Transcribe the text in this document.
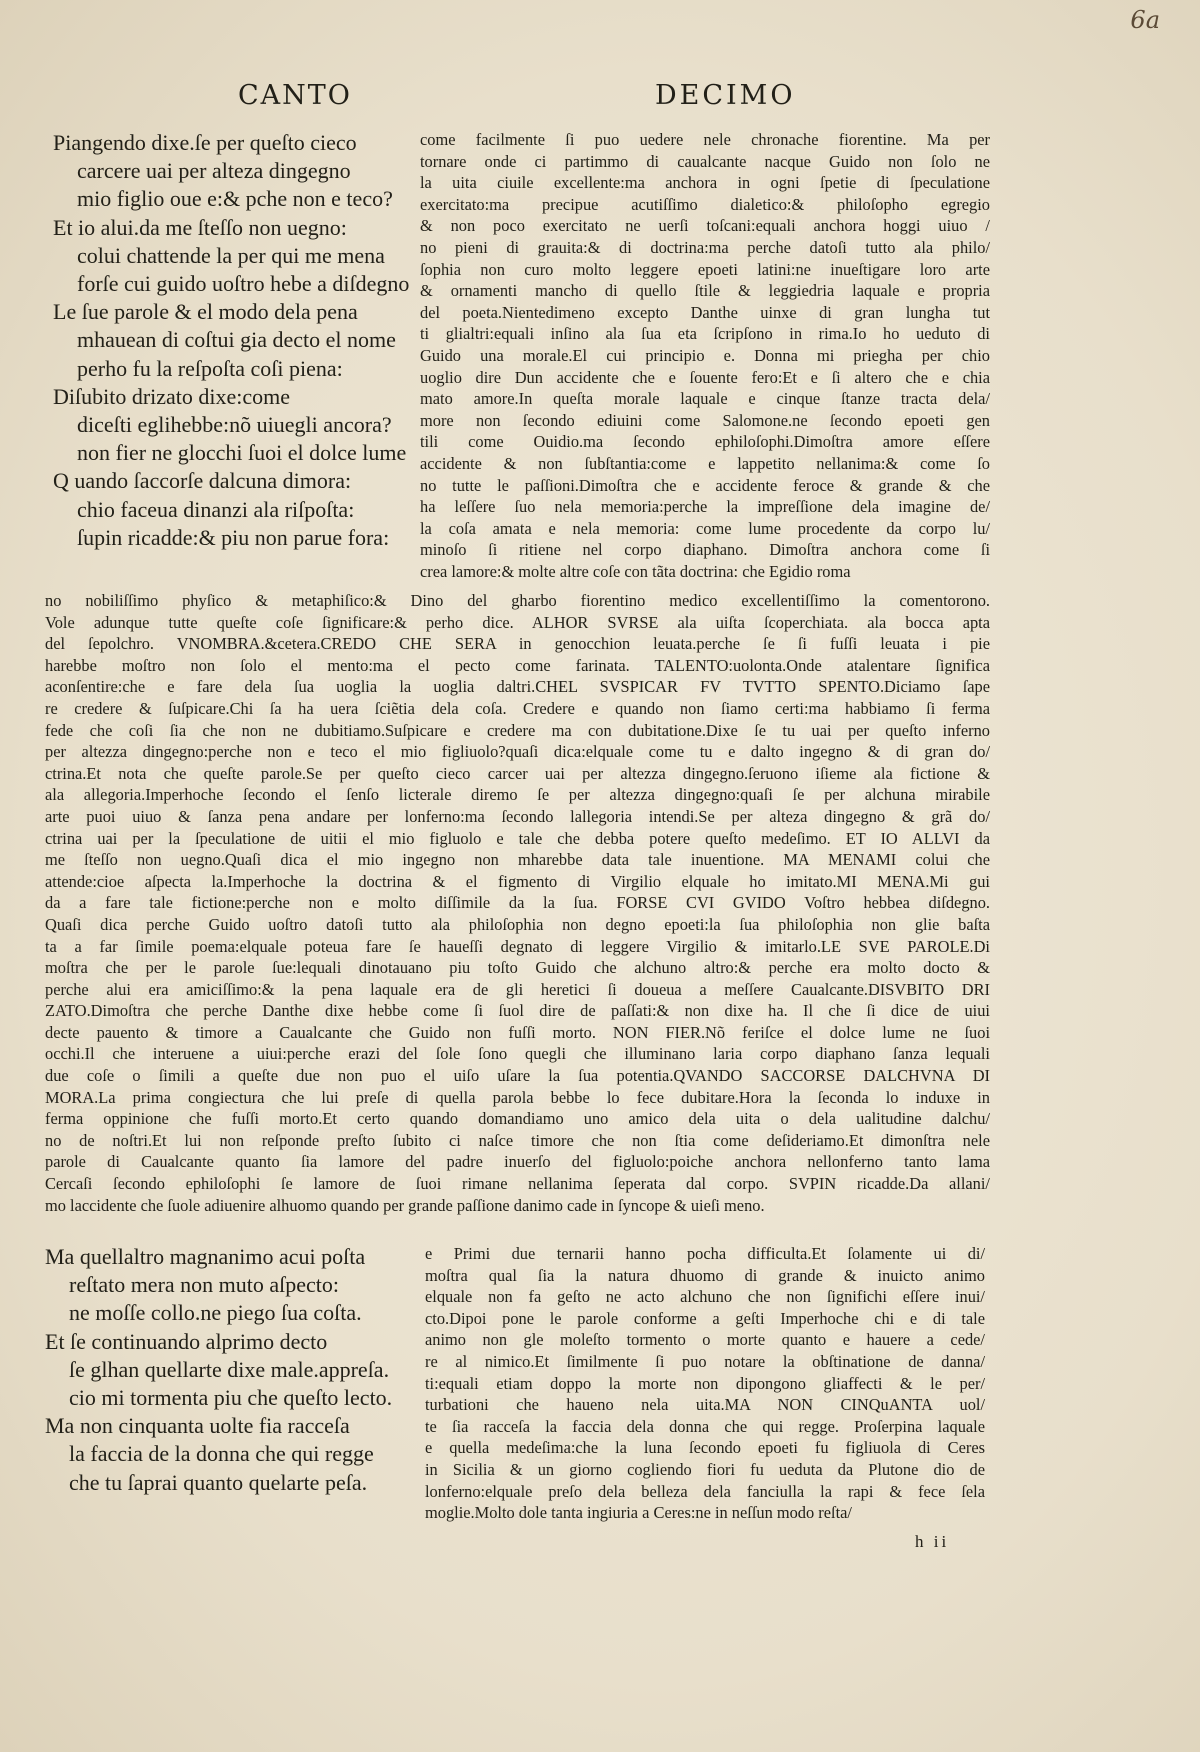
6a
CANTO	DECIMO
Piangendo dixe.ſe per queſto cieco
carcere uai per alteza dingegno
mio figlio oue e:& pche non e teco?
Et io alui.da me ſteſſo non uegno:
colui chattende la per qui me mena
forſe cui guido uoſtro hebe a diſdegno
Le ſue parole & el modo dela pena
mhauean di coſtui gia decto el nome
perho fu la reſpoſta coſi piena:
Diſubito drizato dixe:come
diceſti eglihebbe:nõ uiuegli ancora?
non fier ne glocchi ſuoi el dolce lume
Q uando ſaccorſe dalcuna dimora:
chio faceua dinanzi ala riſpoſta:
ſupin ricadde:& piu non parue fora:
come facilmente ſi puo uedere nele chronache fiorentine. Ma per
tornare onde ci partimmo di caualcante nacque Guido non ſolo ne
la uita ciuile excellente:ma anchora in ogni ſpetie di ſpeculatione
exercitato:ma precipue acutiſſimo dialetico:& philoſopho egregio
& non poco exercitato ne uerſi toſcani:equali anchora hoggi uiuo /
no pieni di grauita:& di doctrina:ma perche datoſi tutto ala philo/
ſophia non curo molto leggere epoeti latini:ne inueſtigare loro arte
& ornamenti mancho di quello ſtile & leggiedria laquale e propria
del poeta.Nientedimeno excepto Danthe uinxe di gran lungha tut
ti glialtri:equali inſino ala ſua eta ſcripſono in rima.Io ho ueduto di
Guido una morale.El cui principio e. Donna mi priegha per chio
uoglio dire Dun accidente che e ſouente fero:Et e ſi altero che e chia
mato amore.In queſta morale laquale e cinque ſtanze tracta dela/
more non ſecondo ediuini come Salomone.ne ſecondo epoeti gen
tili come Ouidio.ma ſecondo ephiloſophi.Dimoſtra amore eſſere
accidente & non ſubſtantia:come e lappetito nellanima:& come ſo
no tutte le paſſioni.Dimoſtra che e accidente feroce & grande & che
ha leſſere ſuo nela memoria:perche la impreſſione dela imagine de/
la coſa amata e nela memoria: come lume procedente da corpo lu/
minoſo ſi ritiene nel corpo diaphano. Dimoſtra anchora come ſi
crea lamore:& molte altre coſe con tãta doctrina: che Egidio roma
no nobiliſſimo phyſico & metaphiſico:& Dino del gharbo fiorentino medico excellentiſſimo la comentorono.
Vole adunque tutte queſte coſe ſignificare:& perho dice. ALHOR SVRSE ala uiſta ſcoperchiata. ala bocca apta
del ſepolchro. VNOMBRA.&cetera.CREDO CHE SERA in genocchion leuata.perche ſe ſi fuſſi leuata i pie
harebbe moſtro non ſolo el mento:ma el pecto come farinata. TALENTO:uolonta.Onde atalentare ſignifica
aconſentire:che e fare dela ſua uoglia la uoglia daltri.CHEL SVSPICAR FV TVTTO SPENTO.Diciamo ſape
re credere & ſuſpicare.Chi ſa ha uera ſciẽtia dela coſa. Credere e quando non ſiamo certi:ma habbiamo ſi ferma
fede che coſi ſia che non ne dubitiamo.Suſpicare e credere ma con dubitatione.Dixe ſe tu uai per queſto inferno
per altezza dingegno:perche non e teco el mio figliuolo?quaſi dica:elquale come tu e dalto ingegno & di gran do/
ctrina.Et nota che queſte parole.Se per queſto cieco carcer uai per altezza dingegno.ſeruono iſieme ala fictione &
ala allegoria.Imperhoche ſecondo el ſenſo licterale diremo ſe per altezza dingegno:quaſi ſe per alchuna mirabile
arte puoi uiuo & ſanza pena andare per lonferno:ma ſecondo lallegoria intendi.Se per alteza dingegno & grã do/
ctrina uai per la ſpeculatione de uitii el mio figluolo e tale che debba potere queſto medeſimo. ET IO ALLVI da
me ſteſſo non uegno.Quaſi dica el mio ingegno non mharebbe data tale inuentione. MA MENAMI colui che
attende:cioe aſpecta la.Imperhoche la doctrina & el figmento di Virgilio elquale ho imitato.MI MENA.Mi gui
da a fare tale fictione:perche non e molto diſſimile da la ſua. FORSE CVI GVIDO Voſtro hebbea diſdegno.
Quaſi dica perche Guido uoſtro datoſi tutto ala philoſophia non degno epoeti:la ſua philoſophia non glie baſta
ta a far ſimile poema:elquale poteua fare ſe haueſſi degnato di leggere Virgilio & imitarlo.LE SVE PAROLE.Di
moſtra che per le parole ſue:lequali dinotauano piu toſto Guido che alchuno altro:& perche era molto docto &
perche alui era amiciſſimo:& la pena laquale era de gli heretici ſi doueua a meſſere Caualcante.DISVBITO DRI
ZATO.Dimoſtra che perche Danthe dixe hebbe come ſi ſuol dire de paſſati:& non dixe ha. Il che ſi dice de uiui
decte pauento & timore a Caualcante che Guido non fuſſi morto. NON FIER.Nõ feriſce el dolce lume ne ſuoi
occhi.Il che interuene a uiui:perche erazi del ſole ſono quegli che illuminano laria corpo diaphano ſanza lequali
due coſe o ſimili a queſte due non puo el uiſo uſare la ſua potentia.QVANDO SACCORSE DALCHVNA DI
MORA.La prima congiectura che lui preſe di quella parola bebbe lo fece dubitare.Hora la ſeconda lo induxe in
ferma oppinione che fuſſi morto.Et certo quando domandiamo uno amico dela uita o dela ualitudine dalchu/
no de noſtri.Et lui non reſponde preſto ſubito ci naſce timore che non ſtia come deſideriamo.Et dimonſtra nele
parole di Caualcante quanto ſia lamore del padre inuerſo del figluolo:poiche anchora nellonferno tanto lama
Cercaſi ſecondo ephiloſophi ſe lamore de ſuoi rimane nellanima ſeperata dal corpo. SVPIN ricadde.Da allani/
mo laccidente che ſuole adiuenire alhuomo quando per grande paſſione danimo cade in ſyncope & uieſi meno.
Ma quellaltro magnanimo acui poſta
reſtato mera non muto aſpecto:
ne moſſe collo.ne piego ſua coſta.
Et ſe continuando alprimo decto
ſe glhan quellarte dixe male.appreſa.
cio mi tormenta piu che queſto lecto.
Ma non cinquanta uolte fia racceſa
la faccia de la donna che qui regge
che tu ſaprai quanto quelarte peſa.
e Primi due ternarii hanno pocha difficulta.Et ſolamente ui di/
moſtra qual ſia la natura dhuomo di grande & inuicto animo
elquale non fa geſto ne acto alchuno che non ſignifichi eſſere inui/
cto.Dipoi pone le parole conforme a geſti Imperhoche chi e di tale
animo non gle moleſto tormento o morte quanto e hauere a cede/
re al nimico.Et ſimilmente ſi puo notare la obſtinatione de danna/
ti:equali etiam doppo la morte non dipongono gliaffecti & le per/
turbationi che haueno nela uita.MA NON CINQuANTA uol/
te ſia racceſa la faccia dela donna che qui regge. Proſerpina laquale
e quella medeſima:che la luna ſecondo epoeti fu figliuola di Ceres
in Sicilia & un giorno cogliendo fiori fu ueduta da Plutone dio de
lonferno:elquale preſo dela belleza dela fanciulla la rapi & fece ſela
moglie.Molto dole tanta ingiuria a Ceres:ne in neſſun modo reſta/
h ii
